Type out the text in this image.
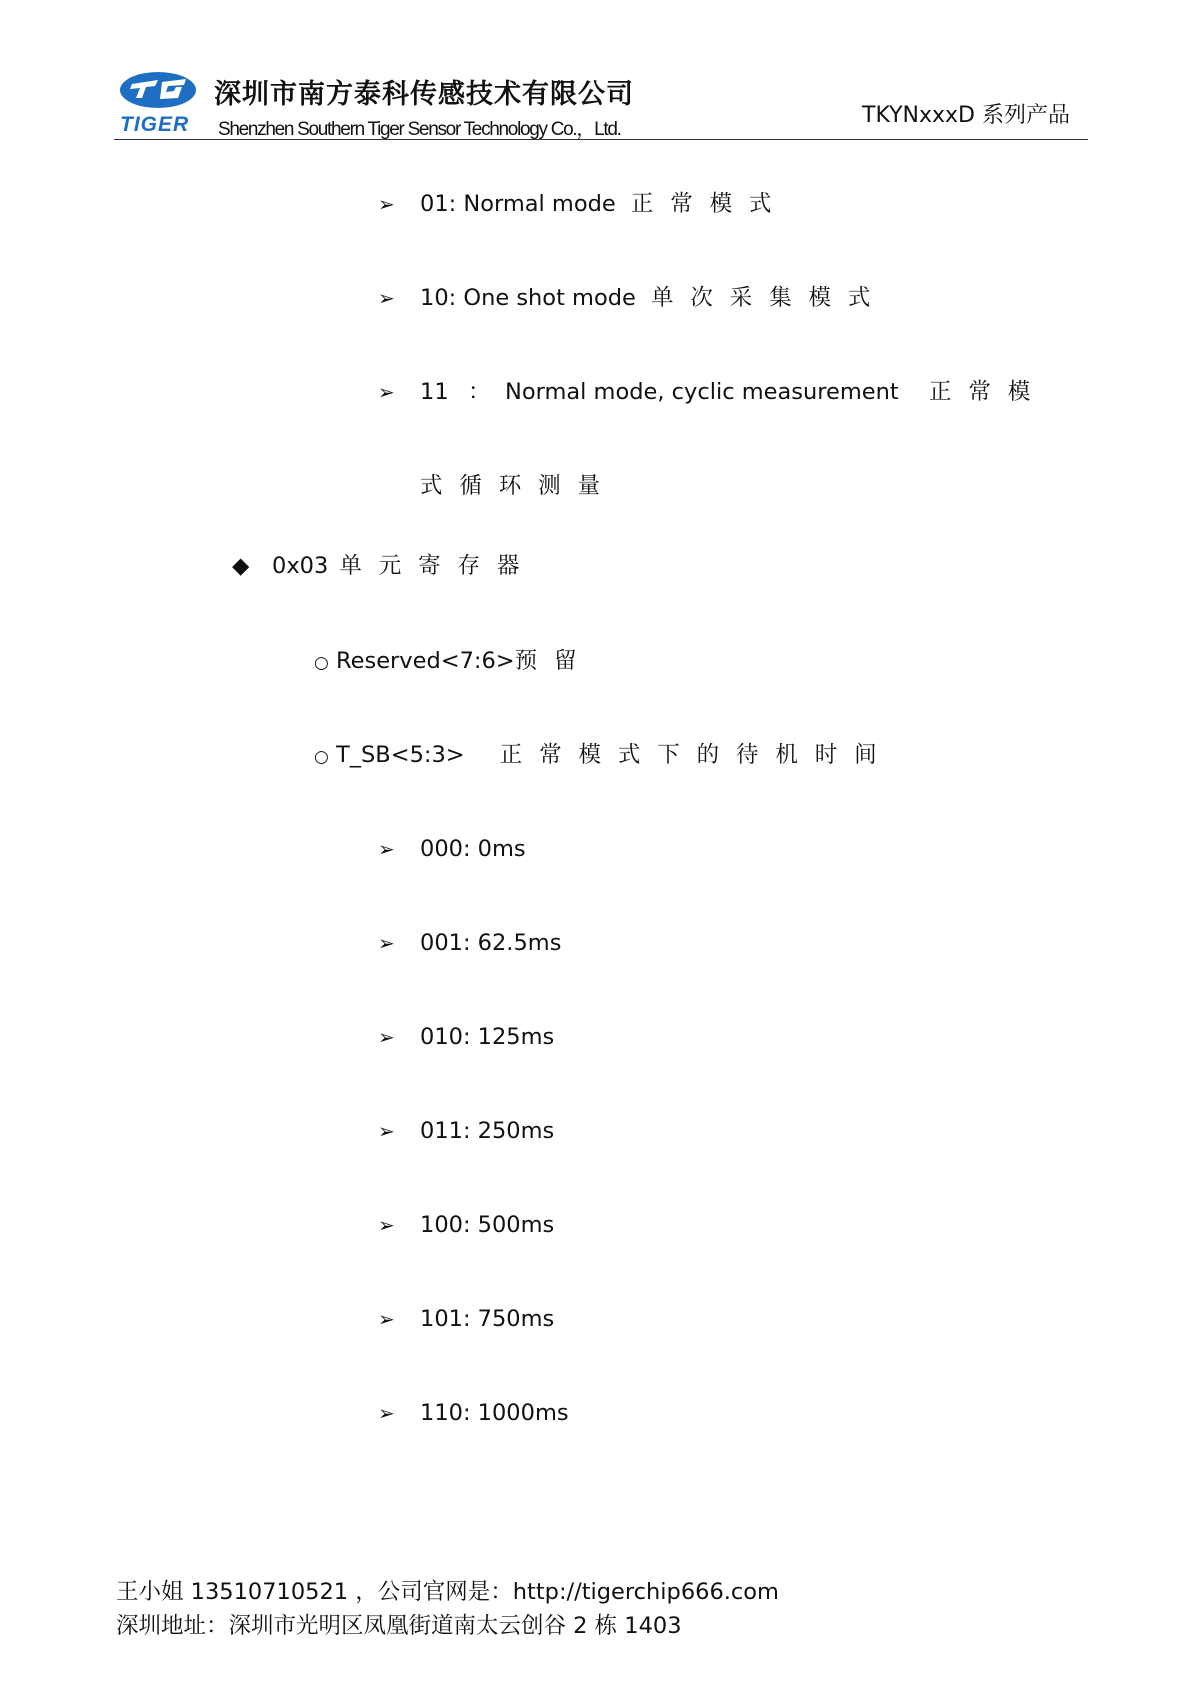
TIGER
深圳市南方泰科传感技术有限公司
Shenzhen Southern Tiger Sensor Technology Co.，Ltd.
TKYNxxxD 系列产品
➢ 01: Normal mode 正常模式
➢ 10: One shot mode 单次采集模式
➢ 11 ： Normal mode, cyclic measurement 正常模
式循环测量
◆ 0x03 单元寄存器
○ Reserved<7:6>预留
○ T_SB<5:3> 正常模式下的待机时间
➢ 000: 0ms
➢ 001: 62.5ms
➢ 010: 125ms
➢ 011: 250ms
➢ 100: 500ms
➢ 101: 750ms
➢ 110: 1000ms
王小姐 13510710521 ，公司官网是：http://tigerchip666.com
深圳地址：深圳市光明区凤凰街道南太云创谷 2 栋 1403
